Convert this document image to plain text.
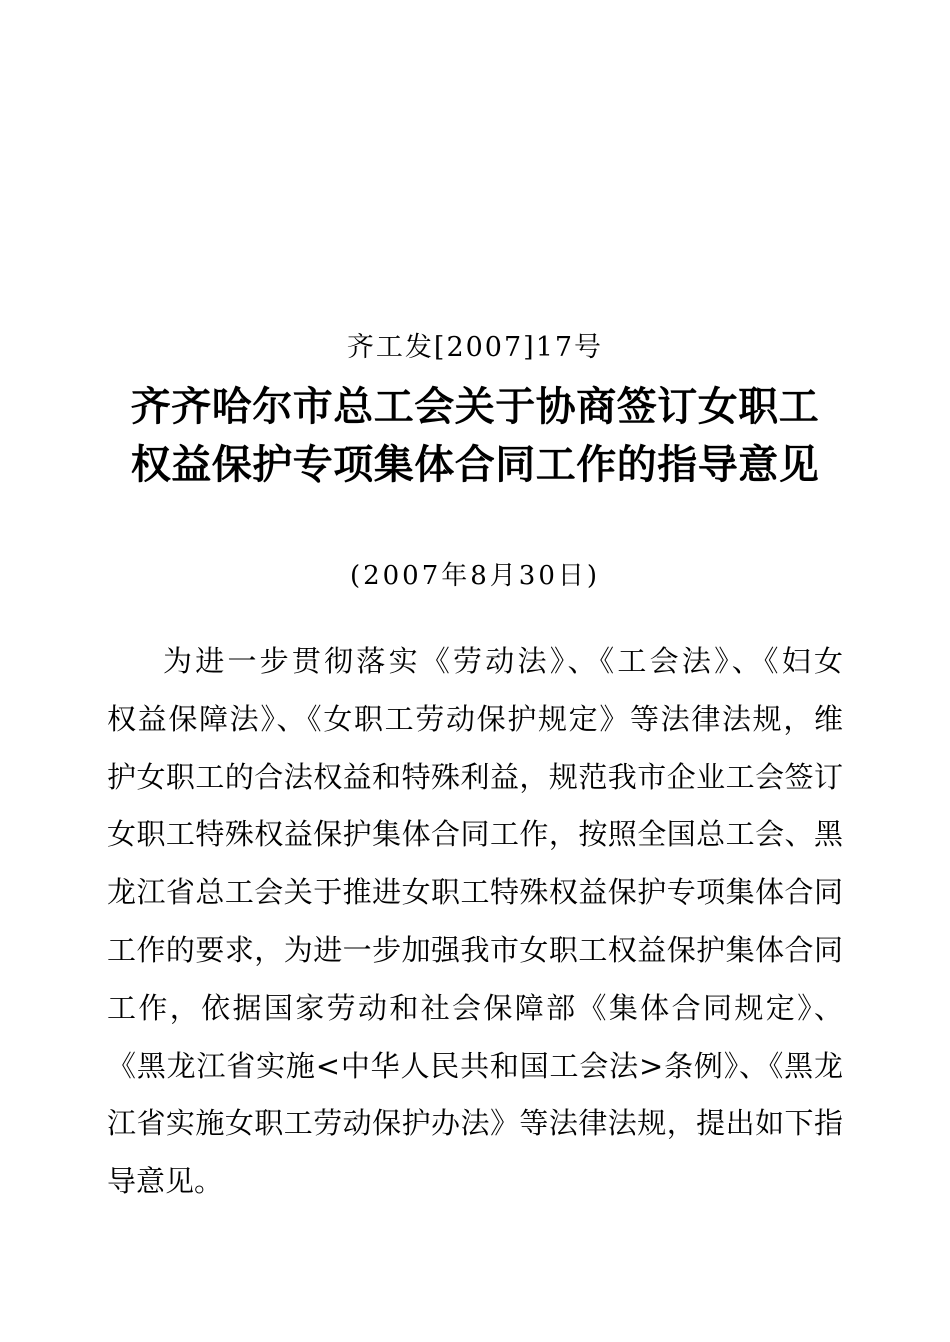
齐工发[2007]17号
齐齐哈尔市总工会关于协商签订女职工
权益保护专项集体合同工作的指导意见
(2007年8月30日)
为进一步贯彻落实《劳动法》、《工会法》、《妇女
权益保障法》、《女职工劳动保护规定》等法律法规，维
护女职工的合法权益和特殊利益，规范我市企业工会签订
女职工特殊权益保护集体合同工作，按照全国总工会、黑
龙江省总工会关于推进女职工特殊权益保护专项集体合同
工作的要求，为进一步加强我市女职工权益保护集体合同
工作，依据国家劳动和社会保障部《集体合同规定》、
《黑龙江省实施<中华人民共和国工会法>条例》、《黑龙
江省实施女职工劳动保护办法》等法律法规，提出如下指
导意见。
